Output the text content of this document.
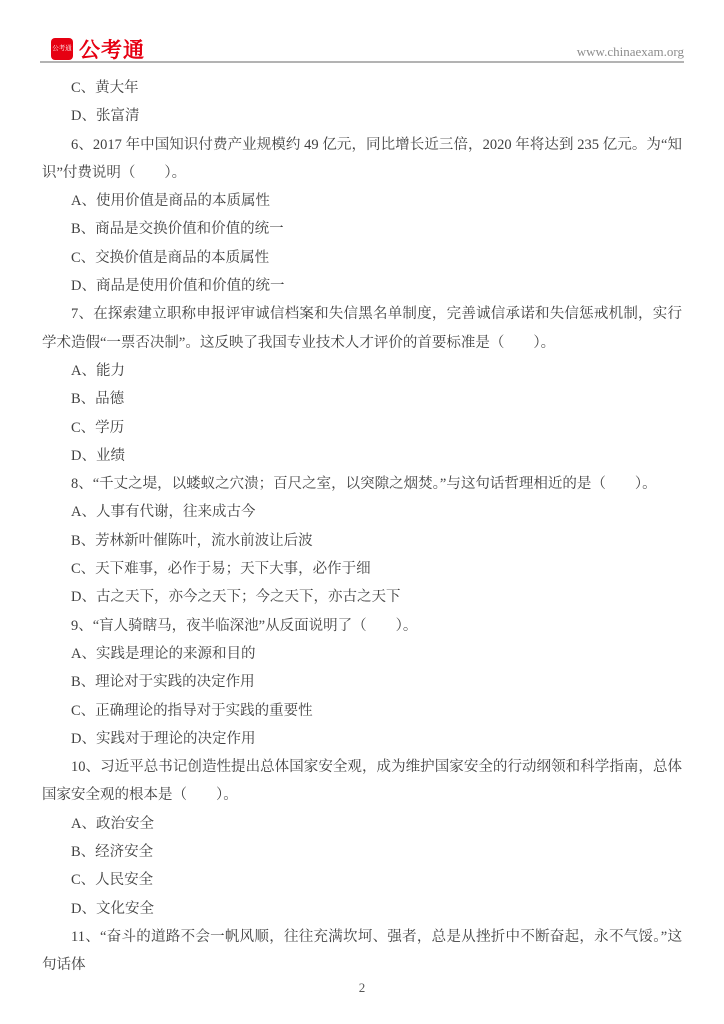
公考通 公考通	www.chinaexam.org

C、黄大年

D、张富清

6、2017 年中国知识付费产业规模约 49 亿元，同比增长近三倍，2020 年将达到 235 亿元。为“知识”付费说明（　　）。

A、使用价值是商品的本质属性

B、商品是交换价值和价值的统一

C、交换价值是商品的本质属性

D、商品是使用价值和价值的统一

7、在探索建立职称申报评审诚信档案和失信黑名单制度，完善诚信承诺和失信惩戒机制，实行学术造假“一票否决制”。这反映了我国专业技术人才评价的首要标准是（　　）。

A、能力

B、品德

C、学历

D、业绩

8、“千丈之堤，以蝼蚁之穴溃；百尺之室，以突隙之烟焚。”与这句话哲理相近的是（　　）。

A、人事有代谢，往来成古今

B、芳林新叶催陈叶，流水前波让后波

C、天下难事，必作于易；天下大事，必作于细

D、古之天下，亦今之天下；今之天下，亦古之天下

9、“盲人骑瞎马，夜半临深池”从反面说明了（　　）。

A、实践是理论的来源和目的

B、理论对于实践的决定作用

C、正确理论的指导对于实践的重要性

D、实践对于理论的决定作用

10、习近平总书记创造性提出总体国家安全观，成为维护国家安全的行动纲领和科学指南，总体国家安全观的根本是（　　）。

A、政治安全

B、经济安全

C、人民安全

D、文化安全

11、“奋斗的道路不会一帆风顺，往往充满坎坷、强者，总是从挫折中不断奋起，永不气馁。”这句话体

2
